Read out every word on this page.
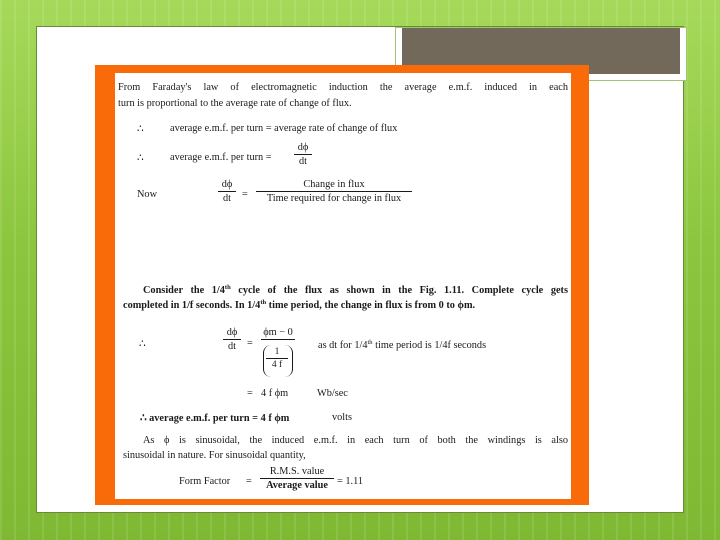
From Faraday's law of electromagnetic induction the average e.m.f. induced in each
turn is proportional to the average rate of change of flux.
∴	average e.m.f. per turn = average rate of change of flux
∴	average e.m.f. per turn =
dϕ
dt
Now
dϕ
dt	=
Change in flux
Time required for change in flux
Consider the 1/4th cycle of the flux as shown in the Fig. 1.11. Complete cycle gets
completed in 1/f seconds. In 1/4th time period, the change in flux is from 0 to ϕm.
∴
dϕ
dt	=
ϕm − 0
1
4 f
as dt for 1/4th time period is 1/4f seconds
= 4 f ϕm	Wb/sec
∴ average e.m.f. per turn = 4 f ϕm	volts
As ϕ is sinusoidal, the induced e.m.f. in each turn of both the windings is also
sinusoidal in nature. For sinusoidal quantity,
Form Factor =
R.M.S. value
Average value = 1.11
